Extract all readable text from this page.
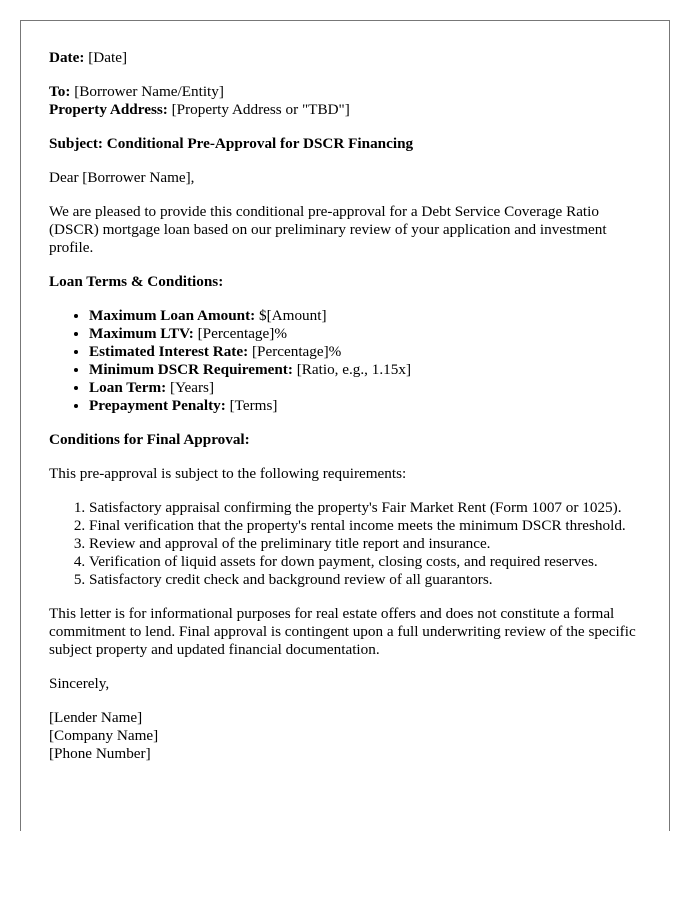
Date: [Date]

To: [Borrower Name/Entity]

Property Address: [Property Address or "TBD"]

Subject: Conditional Pre-Approval for DSCR Financing

Dear [Borrower Name],

We are pleased to provide this conditional pre-approval for a Debt Service Coverage Ratio (DSCR) mortgage loan based on our preliminary review of your application and investment profile.

Loan Terms & Conditions:

• Maximum Loan Amount: $[Amount]
• Maximum LTV: [Percentage]%
• Estimated Interest Rate: [Percentage]%
• Minimum DSCR Requirement: [Ratio, e.g., 1.15x]
• Loan Term: [Years]
• Prepayment Penalty: [Terms]

Conditions for Final Approval:

This pre-approval is subject to the following requirements:

1. Satisfactory appraisal confirming the property's Fair Market Rent (Form 1007 or 1025).
2. Final verification that the property's rental income meets the minimum DSCR threshold.
3. Review and approval of the preliminary title report and insurance.
4. Verification of liquid assets for down payment, closing costs, and required reserves.
5. Satisfactory credit check and background review of all guarantors.

This letter is for informational purposes for real estate offers and does not constitute a formal commitment to lend. Final approval is contingent upon a full underwriting review of the specific subject property and updated financial documentation.

Sincerely,

[Lender Name]
[Company Name]
[Phone Number]
